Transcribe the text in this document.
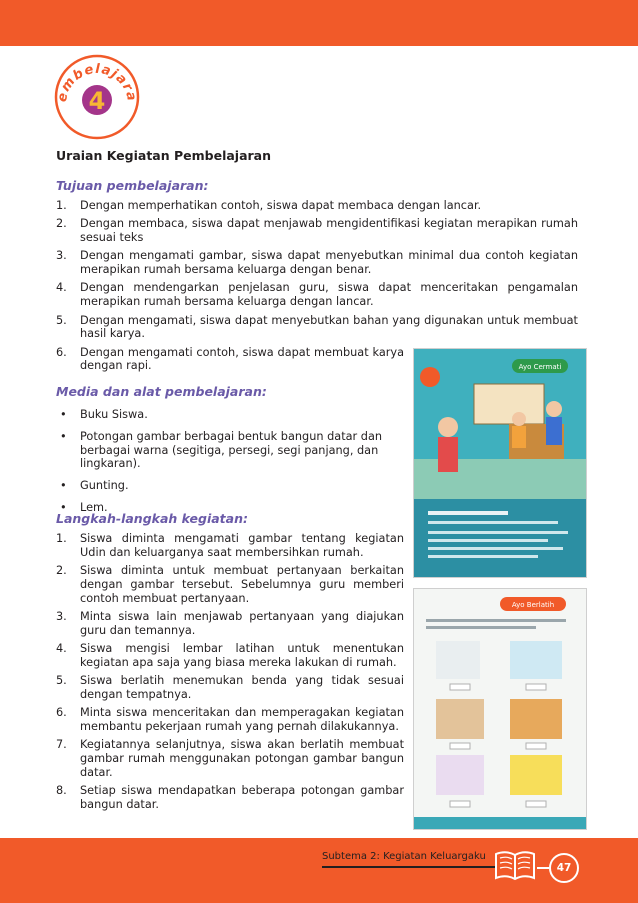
embelajara
4
Uraian Kegiatan Pembelajaran
Tujuan pembelajaran:
1. Dengan memperhatikan contoh, siswa dapat membaca dengan lancar.
2. Dengan membaca, siswa dapat menjawab mengidentifikasi kegiatan merapikan rumah sesuai teks
3. Dengan mengamati gambar, siswa dapat menyebutkan minimal dua contoh kegiatan merapikan rumah bersama keluarga dengan benar.
4. Dengan mendengarkan penjelasan guru, siswa dapat menceritakan pengamalan merapikan rumah bersama keluarga dengan lancar.
5. Dengan mengamati, siswa dapat menyebutkan bahan yang digunakan untuk membuat hasil karya.
6. Dengan mengamati contoh, siswa dapat membuat karya dengan rapi.
Media dan alat pembelajaran:
• Buku Siswa.
• Potongan gambar berbagai bentuk bangun datar dan berbagai warna (segitiga, persegi, segi panjang, dan lingkaran).
• Gunting.
• Lem.
Langkah-langkah kegiatan:
1. Siswa diminta mengamati gambar tentang kegiatan Udin dan keluarganya saat membersihkan rumah.
2. Siswa diminta untuk membuat pertanyaan berkaitan dengan gambar tersebut. Sebelumnya guru memberi contoh membuat pertanyaan.
3. Minta siswa lain menjawab pertanyaan yang diajukan guru dan temannya.
4. Siswa mengisi lembar latihan untuk menentukan kegiatan apa saja yang biasa mereka lakukan di rumah.
5. Siswa berlatih menemukan benda yang tidak sesuai dengan tempatnya.
6. Minta siswa menceritakan dan memperagakan kegiatan membantu pekerjaan rumah yang pernah dilakukannya.
7. Kegiatannya selanjutnya, siswa akan berlatih membuat gambar rumah menggunakan potongan gambar bangun datar.
8. Setiap siswa mendapatkan beberapa potongan gambar bangun datar.
Ayo Cermati
Ayo Berlatih
Subtema 2: Kegiatan Keluargaku
47
